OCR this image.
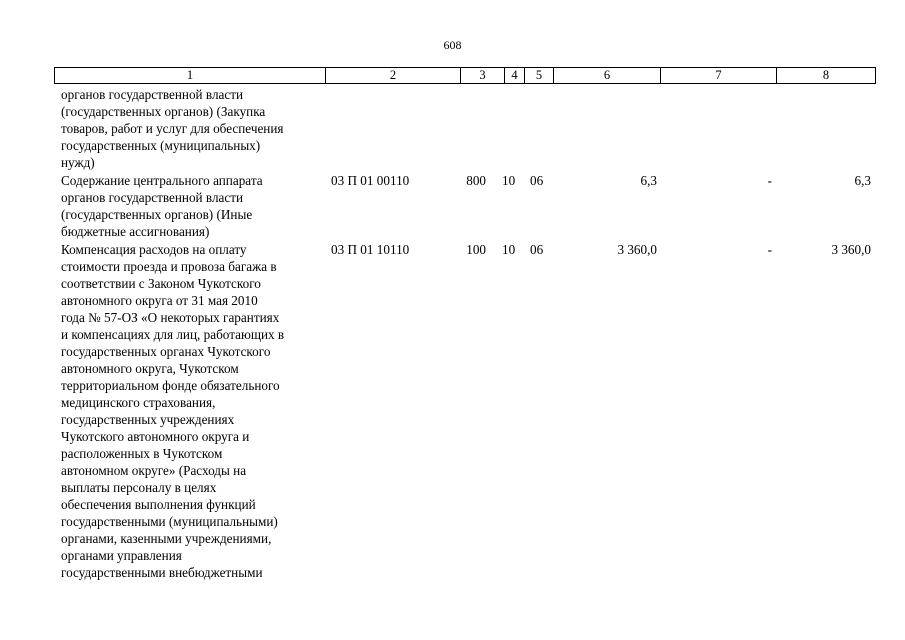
608
1	2	3	4	5	6	7	8
органов государственной власти
(государственных органов) (Закупка
товаров, работ и услуг для обеспечения
государственных (муниципальных)
нужд)
Содержание центрального аппарата
органов государственной власти
(государственных органов) (Иные
бюджетные ассигнования)
03 П 01 00110	800 10 06	6,3	-	6,3
Компенсация расходов на оплату
стоимости проезда и провоза багажа в
соответствии с Законом Чукотского
автономного округа от 31 мая 2010
года № 57-ОЗ «О некоторых гарантиях
и компенсациях для лиц, работающих в
государственных органах Чукотского
автономного округа, Чукотском
территориальном фонде обязательного
медицинского страхования,
государственных учреждениях
Чукотского автономного округа и
расположенных в Чукотском
автономном округе» (Расходы на
выплаты персоналу в целях
обеспечения выполнения функций
государственными (муниципальными)
органами, казенными учреждениями,
органами управления
государственными внебюджетными
03 П 01 10110	100 10 06	3 360,0	-	3 360,0
